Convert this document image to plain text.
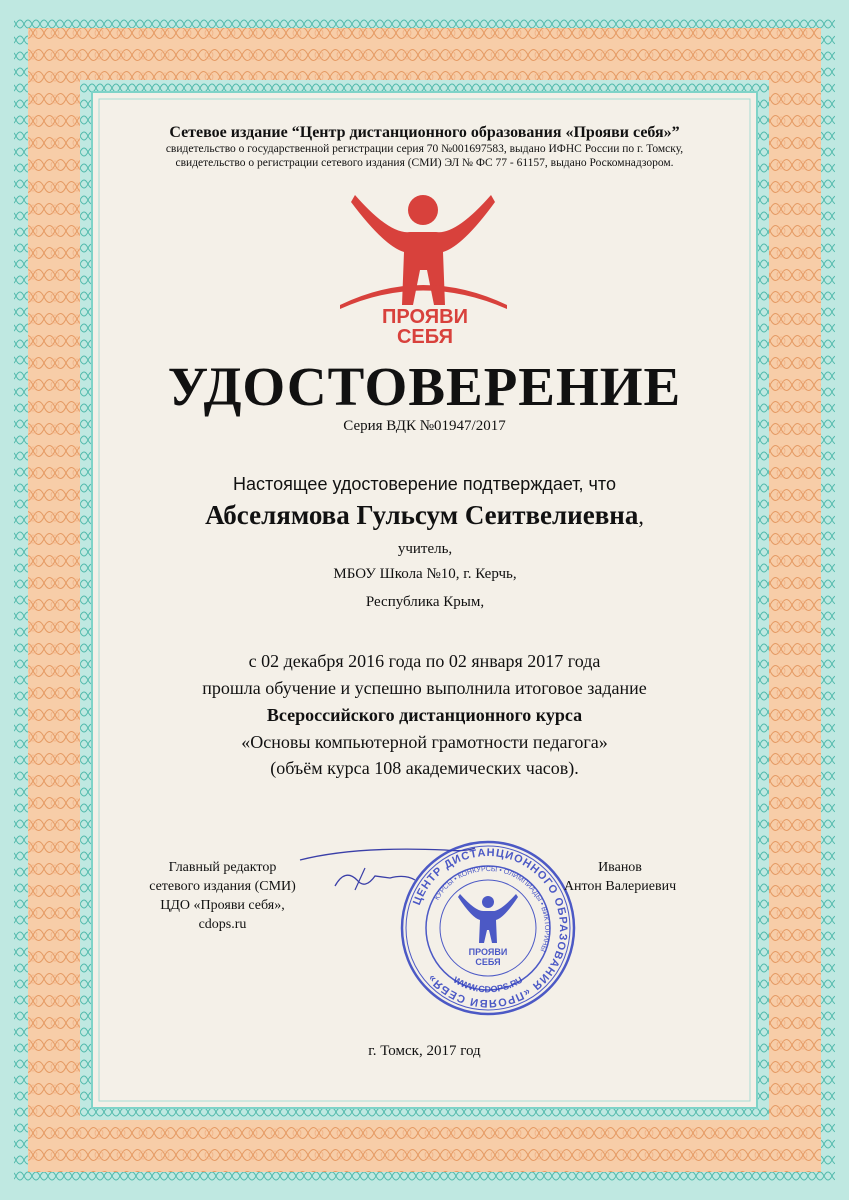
Сетевое издание “Центр дистанционного образования «Прояви себя»”
свидетельство о государственной регистрации серия 70 №001697583, выдано ИФНС России по г. Томску,
свидетельство о регистрации сетевого издания (СМИ) ЭЛ № ФС 77 - 61157, выдано Роскомнадзором.
ПРОЯВИ
СЕБЯ
УДОСТОВЕРЕНИЕ
Серия ВДК №01947/2017
Настоящее удостоверение подтверждает, что
Абселямова Гульсум Сеитвелиевна,
учитель,
МБОУ Школа №10, г. Керчь,
Республика Крым,
с 02 декабря 2016 года по 02 января 2017 года
прошла обучение и успешно выполнила итоговое задание
Всероссийского дистанционного курса
«Основы компьютерной грамотности педагога»
(объём курса 108 академических часов).
Главный редактор
сетевого издания (СМИ)
ЦДО «Прояви себя»,
cdops.ru
ЦЕНТР ДИСТАНЦИОННОГО ОБРАЗОВАНИЯ «ПРОЯВИ СЕБЯ»
КУРСЫ • КОНКУРСЫ • ОЛИМПИАДЫ • ВИКТОРИНЫ
WWW.CDOPS.RU
ПРОЯВИ
СЕБЯ
Иванов
Антон Валериевич
г. Томск, 2017 год
